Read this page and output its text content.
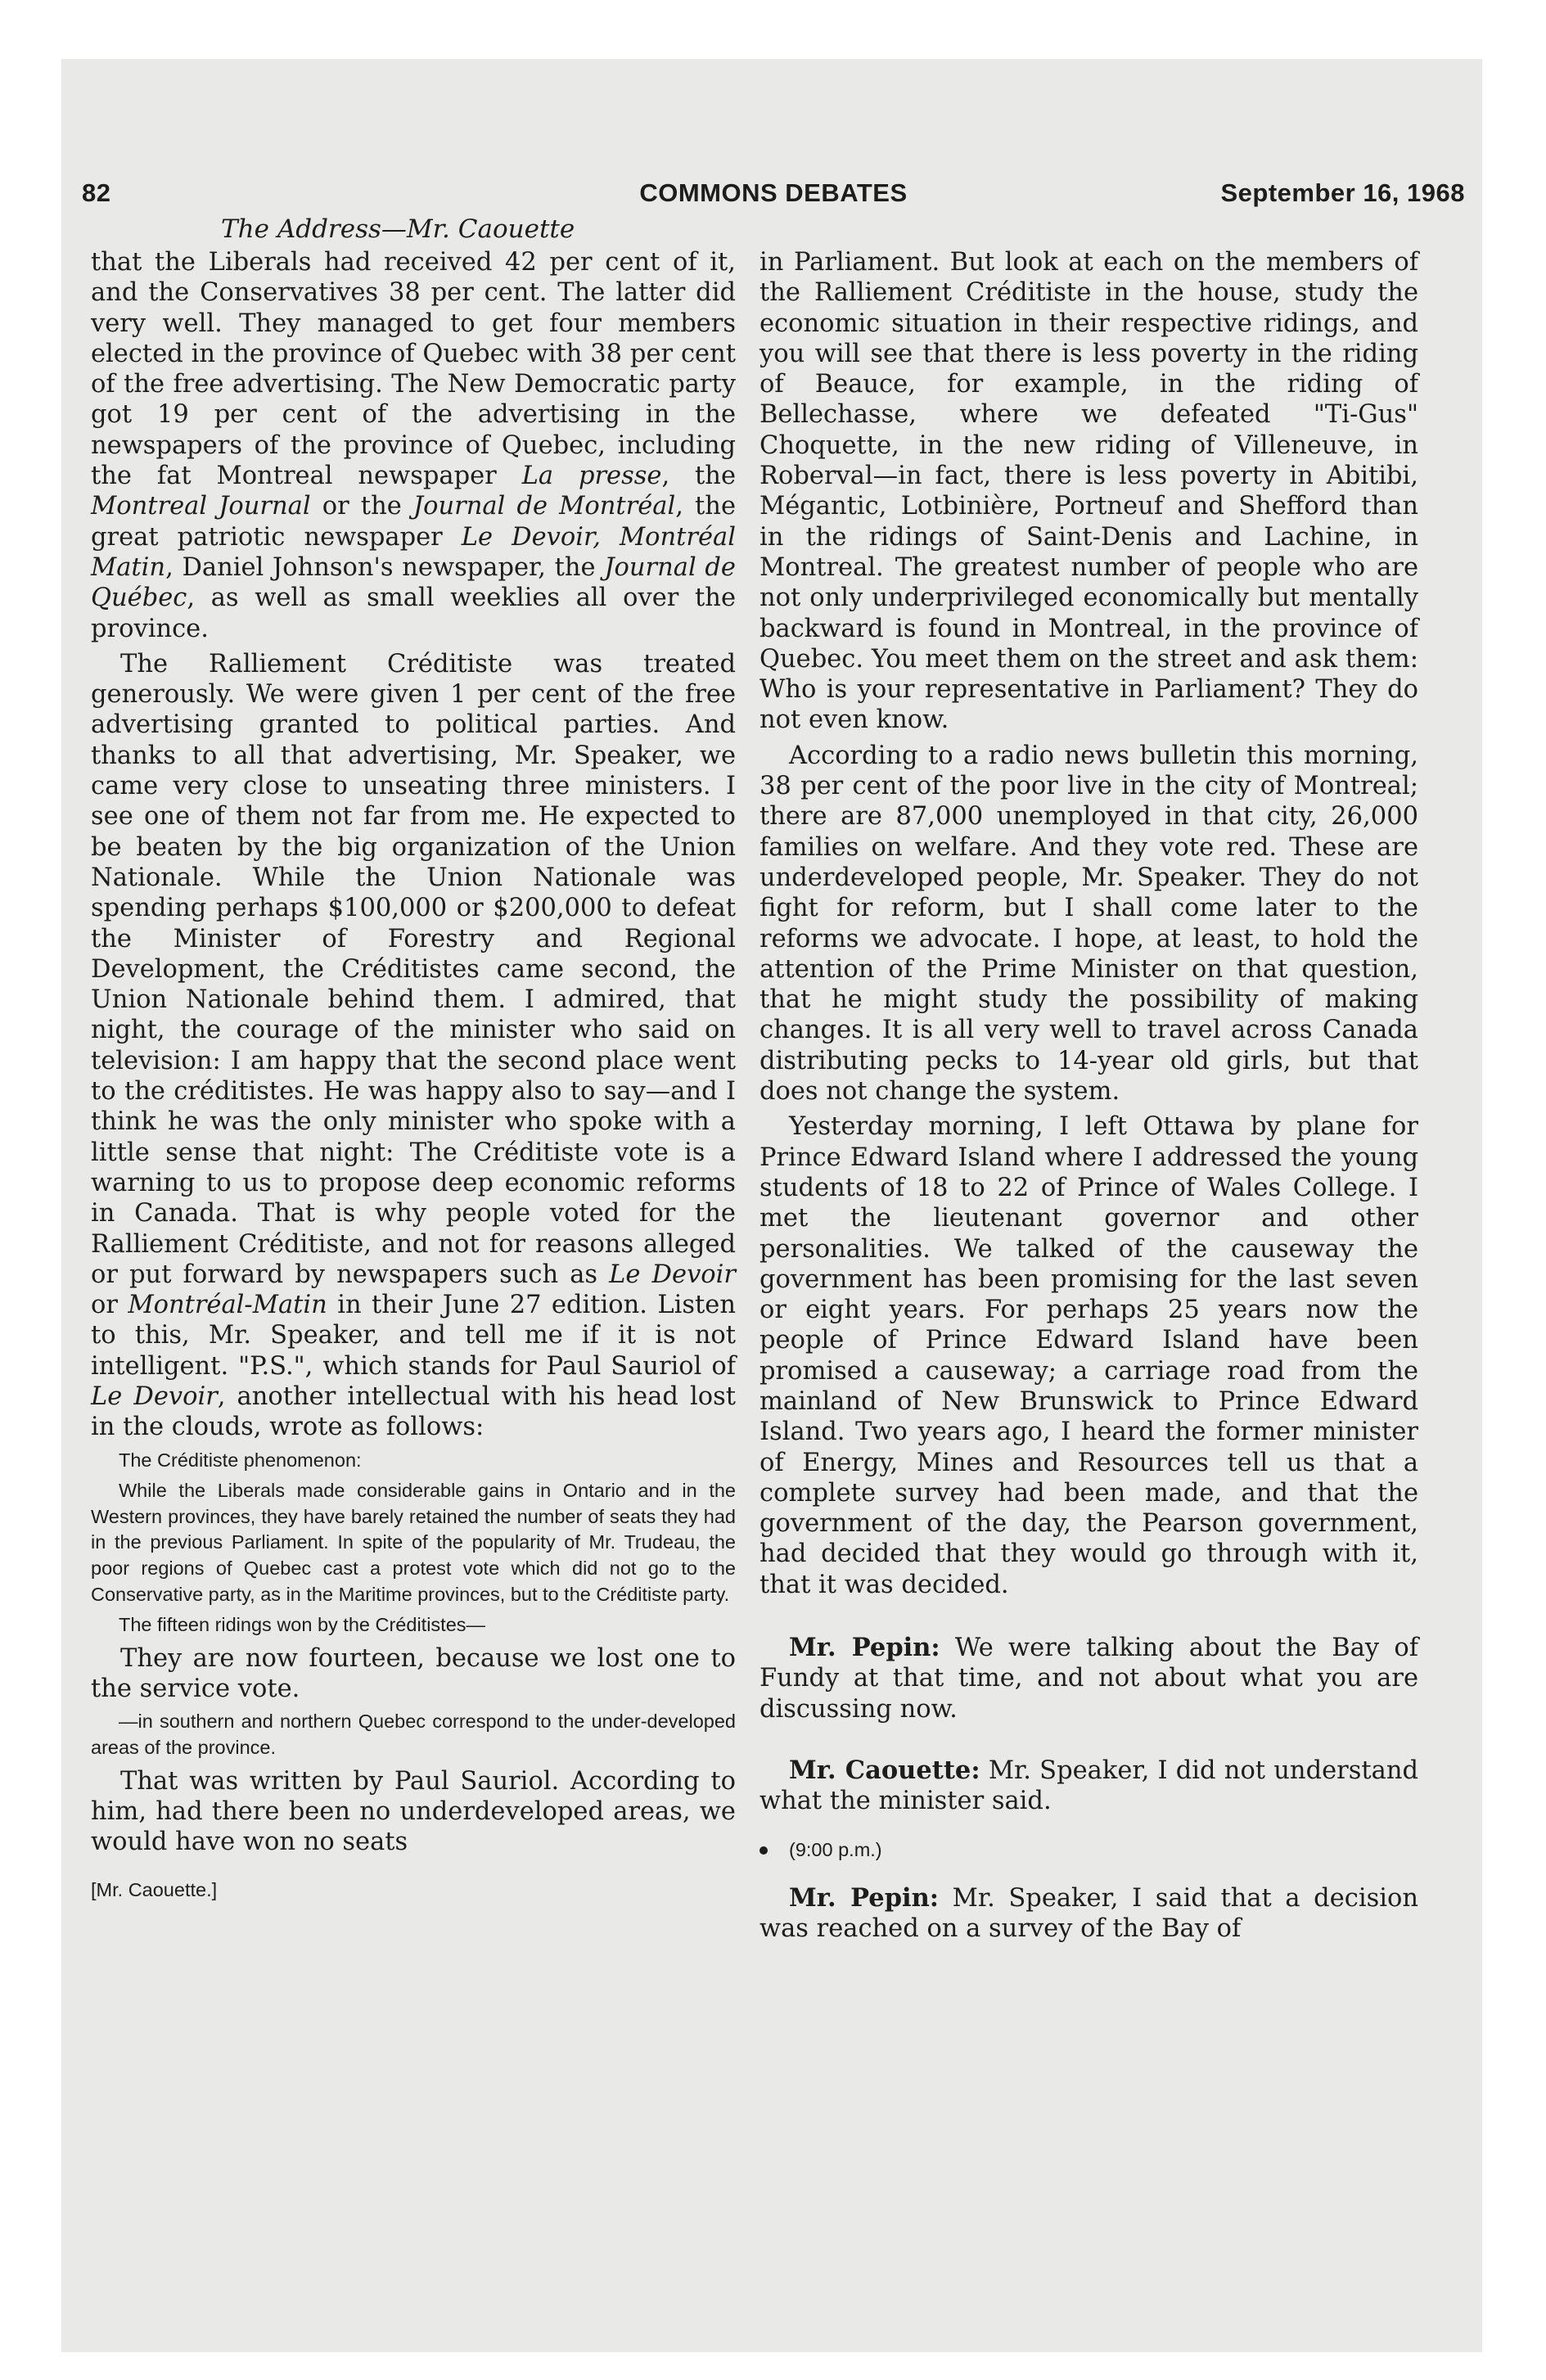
82	COMMONS DEBATES	September 16, 1968
The Address—Mr. Caouette

that the Liberals had received 42 per cent of it, and the Conservatives 38 per cent. The latter did very well. They managed to get four members elected in the province of Quebec with 38 per cent of the free advertising. The New Democratic party got 19 per cent of the advertising in the newspapers of the province of Quebec, including the fat Montreal newspaper La presse, the Montreal Journal or the Journal de Montréal, the great patriotic newspaper Le Devoir, Montréal Matin, Daniel Johnson's newspaper, the Journal de Québec, as well as small weeklies all over the province.

The Ralliement Créditiste was treated generously. We were given 1 per cent of the free advertising granted to political parties. And thanks to all that advertising, Mr. Speaker, we came very close to unseating three ministers. I see one of them not far from me. He expected to be beaten by the big organization of the Union Nationale. While the Union Nationale was spending perhaps $100,000 or $200,000 to defeat the Minister of Forestry and Regional Development, the Créditistes came second, the Union Nationale behind them. I admired, that night, the courage of the minister who said on television: I am happy that the second place went to the créditistes. He was happy also to say—and I think he was the only minister who spoke with a little sense that night: The Créditiste vote is a warning to us to propose deep economic reforms in Canada. That is why people voted for the Ralliement Créditiste, and not for reasons alleged or put forward by newspapers such as Le Devoir or Montréal-Matin in their June 27 edition. Listen to this, Mr. Speaker, and tell me if it is not intelligent. "P.S.", which stands for Paul Sauriol of Le Devoir, another intellectual with his head lost in the clouds, wrote as follows:

The Créditiste phenomenon:
While the Liberals made considerable gains in Ontario and in the Western provinces, they have barely retained the number of seats they had in the previous Parliament. In spite of the popularity of Mr. Trudeau, the poor regions of Quebec cast a protest vote which did not go to the Conservative party, as in the Maritime provinces, but to the Créditiste party.
The fifteen ridings won by the Créditistes—

They are now fourteen, because we lost one to the service vote.

—in southern and northern Quebec correspond to the under-developed areas of the province.

That was written by Paul Sauriol. According to him, had there been no underdeveloped areas, we would have won no seats

[Mr. Caouette.]

in Parliament. But look at each on the members of the Ralliement Créditiste in the house, study the economic situation in their respective ridings, and you will see that there is less poverty in the riding of Beauce, for example, in the riding of Bellechasse, where we defeated "Ti-Gus" Choquette, in the new riding of Villeneuve, in Roberval—in fact, there is less poverty in Abitibi, Mégantic, Lotbinière, Portneuf and Shefford than in the ridings of Saint-Denis and Lachine, in Montreal. The greatest number of people who are not only underprivileged economically but mentally backward is found in Montreal, in the province of Quebec. You meet them on the street and ask them: Who is your representative in Parliament? They do not even know.

According to a radio news bulletin this morning, 38 per cent of the poor live in the city of Montreal; there are 87,000 unemployed in that city, 26,000 families on welfare. And they vote red. These are underdeveloped people, Mr. Speaker. They do not fight for reform, but I shall come later to the reforms we advocate. I hope, at least, to hold the attention of the Prime Minister on that question, that he might study the possibility of making changes. It is all very well to travel across Canada distributing pecks to 14-year old girls, but that does not change the system.

Yesterday morning, I left Ottawa by plane for Prince Edward Island where I addressed the young students of 18 to 22 of Prince of Wales College. I met the lieutenant governor and other personalities. We talked of the causeway the government has been promising for the last seven or eight years. For perhaps 25 years now the people of Prince Edward Island have been promised a causeway; a carriage road from the mainland of New Brunswick to Prince Edward Island. Two years ago, I heard the former minister of Energy, Mines and Resources tell us that a complete survey had been made, and that the government of the day, the Pearson government, had decided that they would go through with it, that it was decided.

Mr. Pepin: We were talking about the Bay of Fundy at that time, and not about what you are discussing now.

Mr. Caouette: Mr. Speaker, I did not understand what the minister said.

(9:00 p.m.)

Mr. Pepin: Mr. Speaker, I said that a decision was reached on a survey of the Bay of
